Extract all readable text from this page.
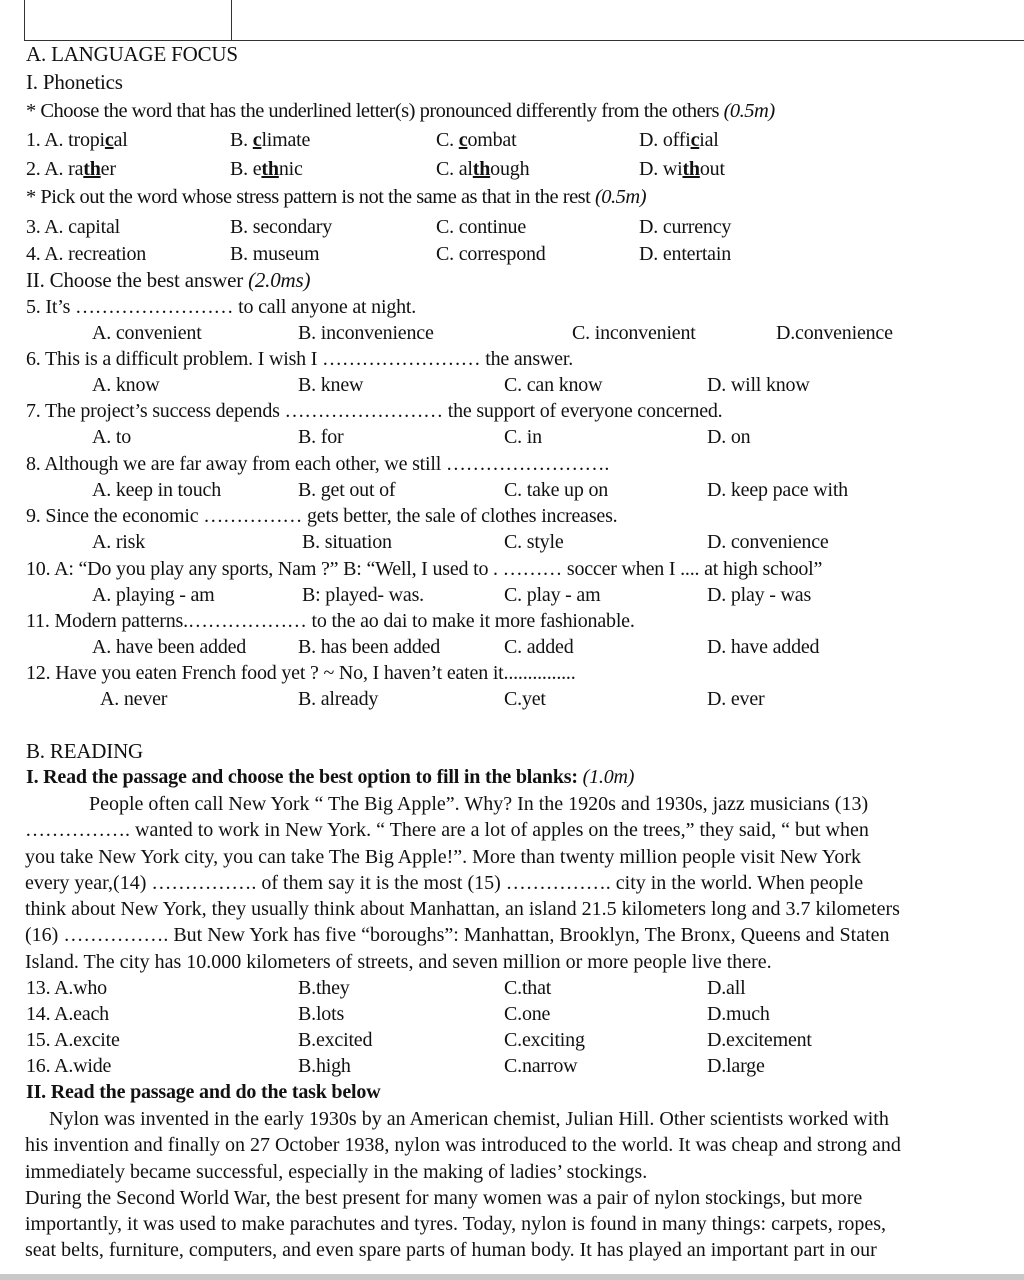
A. LANGUAGE FOCUS
I. Phonetics
* Choose the word that has the underlined letter(s) pronounced differently from the others (0.5m)
1. A. tropical	B. climate	C. combat	D. official
2. A. rather	B. ethnic	C. although	D. without
* Pick out the word whose stress pattern is not the same as that in the rest (0.5m)
3. A. capital	B. secondary	C. continue	D. currency
4. A. recreation	B. museum	C. correspond	D. entertain
II. Choose the best answer (2.0ms)
5. It’s …………………… to call anyone at night.
A. convenient	B. inconvenience	C. inconvenient	D.convenience
6. This is a difficult problem. I wish I …………………… the answer.
A. know	B. knew	C. can know	D. will know
7. The project’s success depends …………………… the support of everyone concerned.
A. to	B. for	C. in	D. on
8. Although we are far away from each other, we still …………………….
A. keep in touch	B. get out of	C. take up on	D. keep pace with
9. Since the economic …………… gets better, the sale of clothes increases.
A. risk	B. situation	C. style	D. convenience
10. A: “Do you play any sports, Nam ?” B: “Well, I used to . ……… soccer when I .... at high school”
A. playing - am	B: played- was.	C. play - am	D. play - was
11. Modern patterns.……………… to the ao dai to make it more fashionable.
A. have been added	B. has been added	C. added	D. have added
12. Have you eaten French food yet ? ~ No, I haven’t eaten it...............
A. never	B. already	C.yet	D. ever
B. READING
I. Read the passage and choose the best option to fill in the blanks: (1.0m)
People often call New York “ The Big Apple”. Why? In the 1920s and 1930s, jazz musicians (13)
……………. wanted to work in New York. “ There are a lot of apples on the trees,” they said, “ but when
you take New York city, you can take The Big Apple!”. More than twenty million people visit New York
every year,(14) ……………. of them say it is the most (15) ……………. city in the world. When people
think about New York, they usually think about Manhattan, an island 21.5 kilometers long and 3.7 kilometers
(16) ……………. But New York has five “boroughs”: Manhattan, Brooklyn, The Bronx, Queens and Staten
Island. The city has 10.000 kilometers of streets, and seven million or more people live there.
13. A.who	B.they	C.that	D.all
14. A.each	B.lots	C.one	D.much
15. A.excite	B.excited	C.exciting	D.excitement
16. A.wide	B.high	C.narrow	D.large
II. Read the passage and do the task below
Nylon was invented in the early 1930s by an American chemist, Julian Hill. Other scientists worked with
his invention and finally on 27 October 1938, nylon was introduced to the world. It was cheap and strong and
immediately became successful, especially in the making of ladies’ stockings.
During the Second World War, the best present for many women was a pair of nylon stockings, but more
importantly, it was used to make parachutes and tyres. Today, nylon is found in many things: carpets, ropes,
seat belts, furniture, computers, and even spare parts of human body. It has played an important part in our
